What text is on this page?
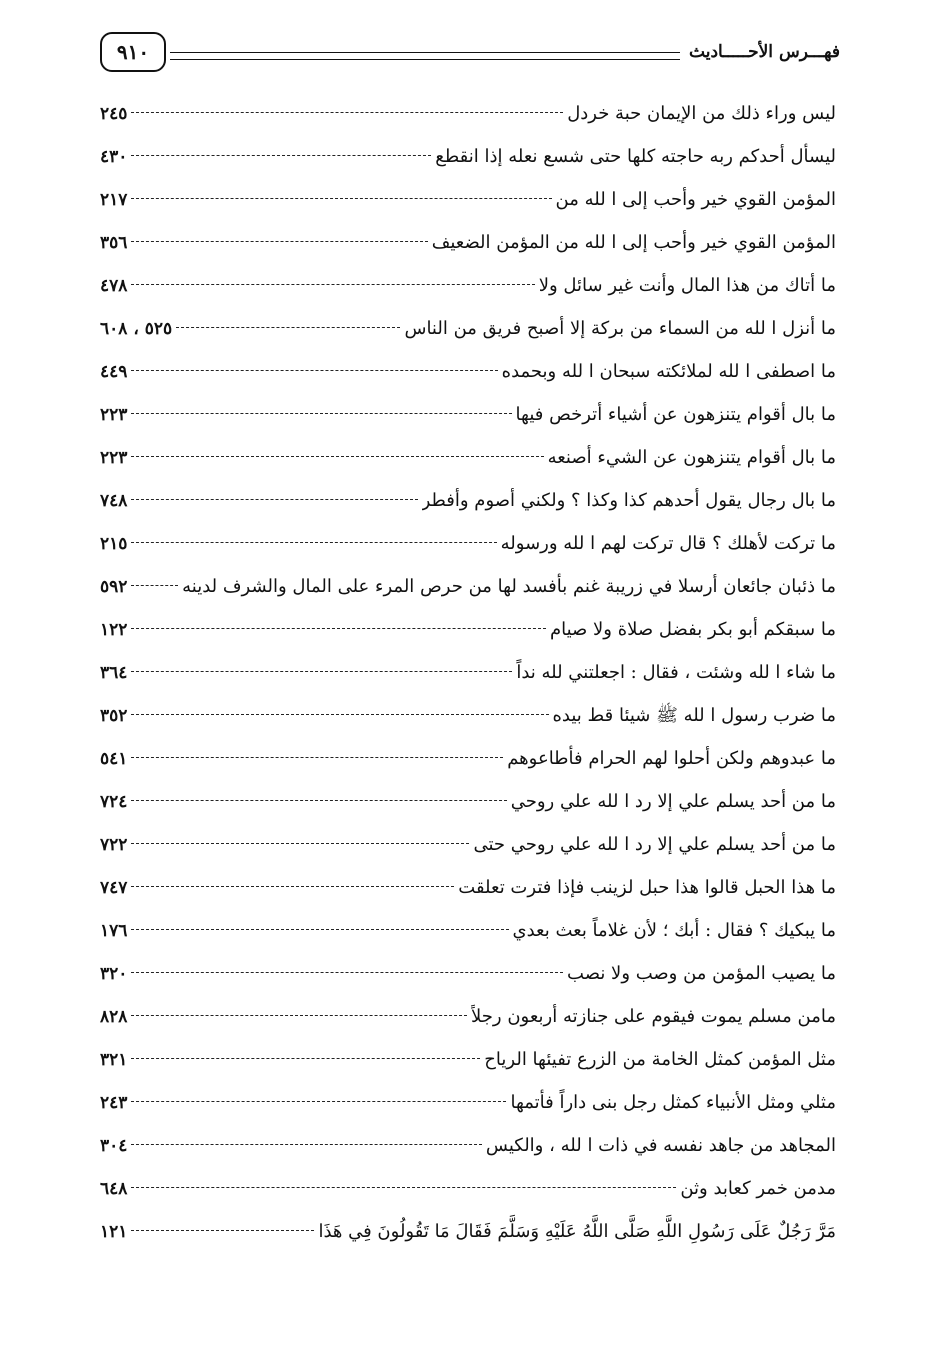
٩١٠	فهـــرس الأحـــــاديث
ليس وراء ذلك من الإيمان حبة خردل
٢٤٥
ليسأل أحدكم ربه حاجته كلها حتى شسع نعله إذا انقطع
٤٣٠
المؤمن القوي خير وأحب إلى ا لله من
٢١٧
المؤمن القوي خير وأحب إلى ا لله من المؤمن الضعيف
٣٥٦
ما أتاك من هذا المال وأنت غير سائل ولا
٤٧٨
ما أنزل ا لله من السماء من بركة إلا أصبح فريق من الناس
٥٢٥ ، ٦٠٨
ما اصطفى ا لله لملائكته سبحان ا لله وبحمده
٤٤٩
ما بال أقوام يتنزهون عن أشياء أترخص فيها
٢٢٣
ما بال أقوام يتنزهون عن الشيء أصنعه
٢٢٣
ما بال رجال يقول أحدهم كذا وكذا ؟ ولكني أصوم وأفطر
٧٤٨
ما تركت لأهلك ؟ قال تركت لهم ا لله ورسوله
٢١٥
ما ذئبان جائعان أرسلا في زريبة غنم بأفسد لها من حرص المرء على المال والشرف لدينه
٥٩٢
ما سبقكم أبو بكر بفضل صلاة ولا صيام
١٢٢
ما شاء ا لله وشئت ، فقال : اجعلتني لله نداً
٣٦٤
ما ضرب رسول ا لله ﷺ شيئا قط بيده
٣٥٢
ما عبدوهم ولكن أحلوا لهم الحرام فأطاعوهم
٥٤١
ما من أحد يسلم علي إلا رد ا لله علي روحي
٧٢٤
ما من أحد يسلم علي إلا رد ا لله علي روحي حتى
٧٢٢
ما هذا الحبل قالوا هذا حبل لزينب فإذا فترت تعلقت
٧٤٧
ما يبكيك ؟ فقال : أبك ؛ لأن غلاماً بعث بعدي
١٧٦
ما يصيب المؤمن من وصب ولا نصب
٣٢٠
مامن مسلم يموت فيقوم على جنازته أربعون رجلاً
٨٢٨
مثل المؤمن كمثل الخامة من الزرع تفيئها الرياح
٣٢١
مثلي ومثل الأنبياء كمثل رجل بنى داراً فأتمها
٢٤٣
المجاهد من جاهد نفسه في ذات ا لله ، والكيس
٣٠٤
مدمن خمر كعابد وثن
٦٤٨
مَرَّ رَجُلٌ عَلَى رَسُولِ اللَّهِ صَلَّى اللَّهُ عَلَيْهِ وَسَلَّمَ فَقَالَ مَا تَقُولُونَ فِي هَذَا
١٢١
